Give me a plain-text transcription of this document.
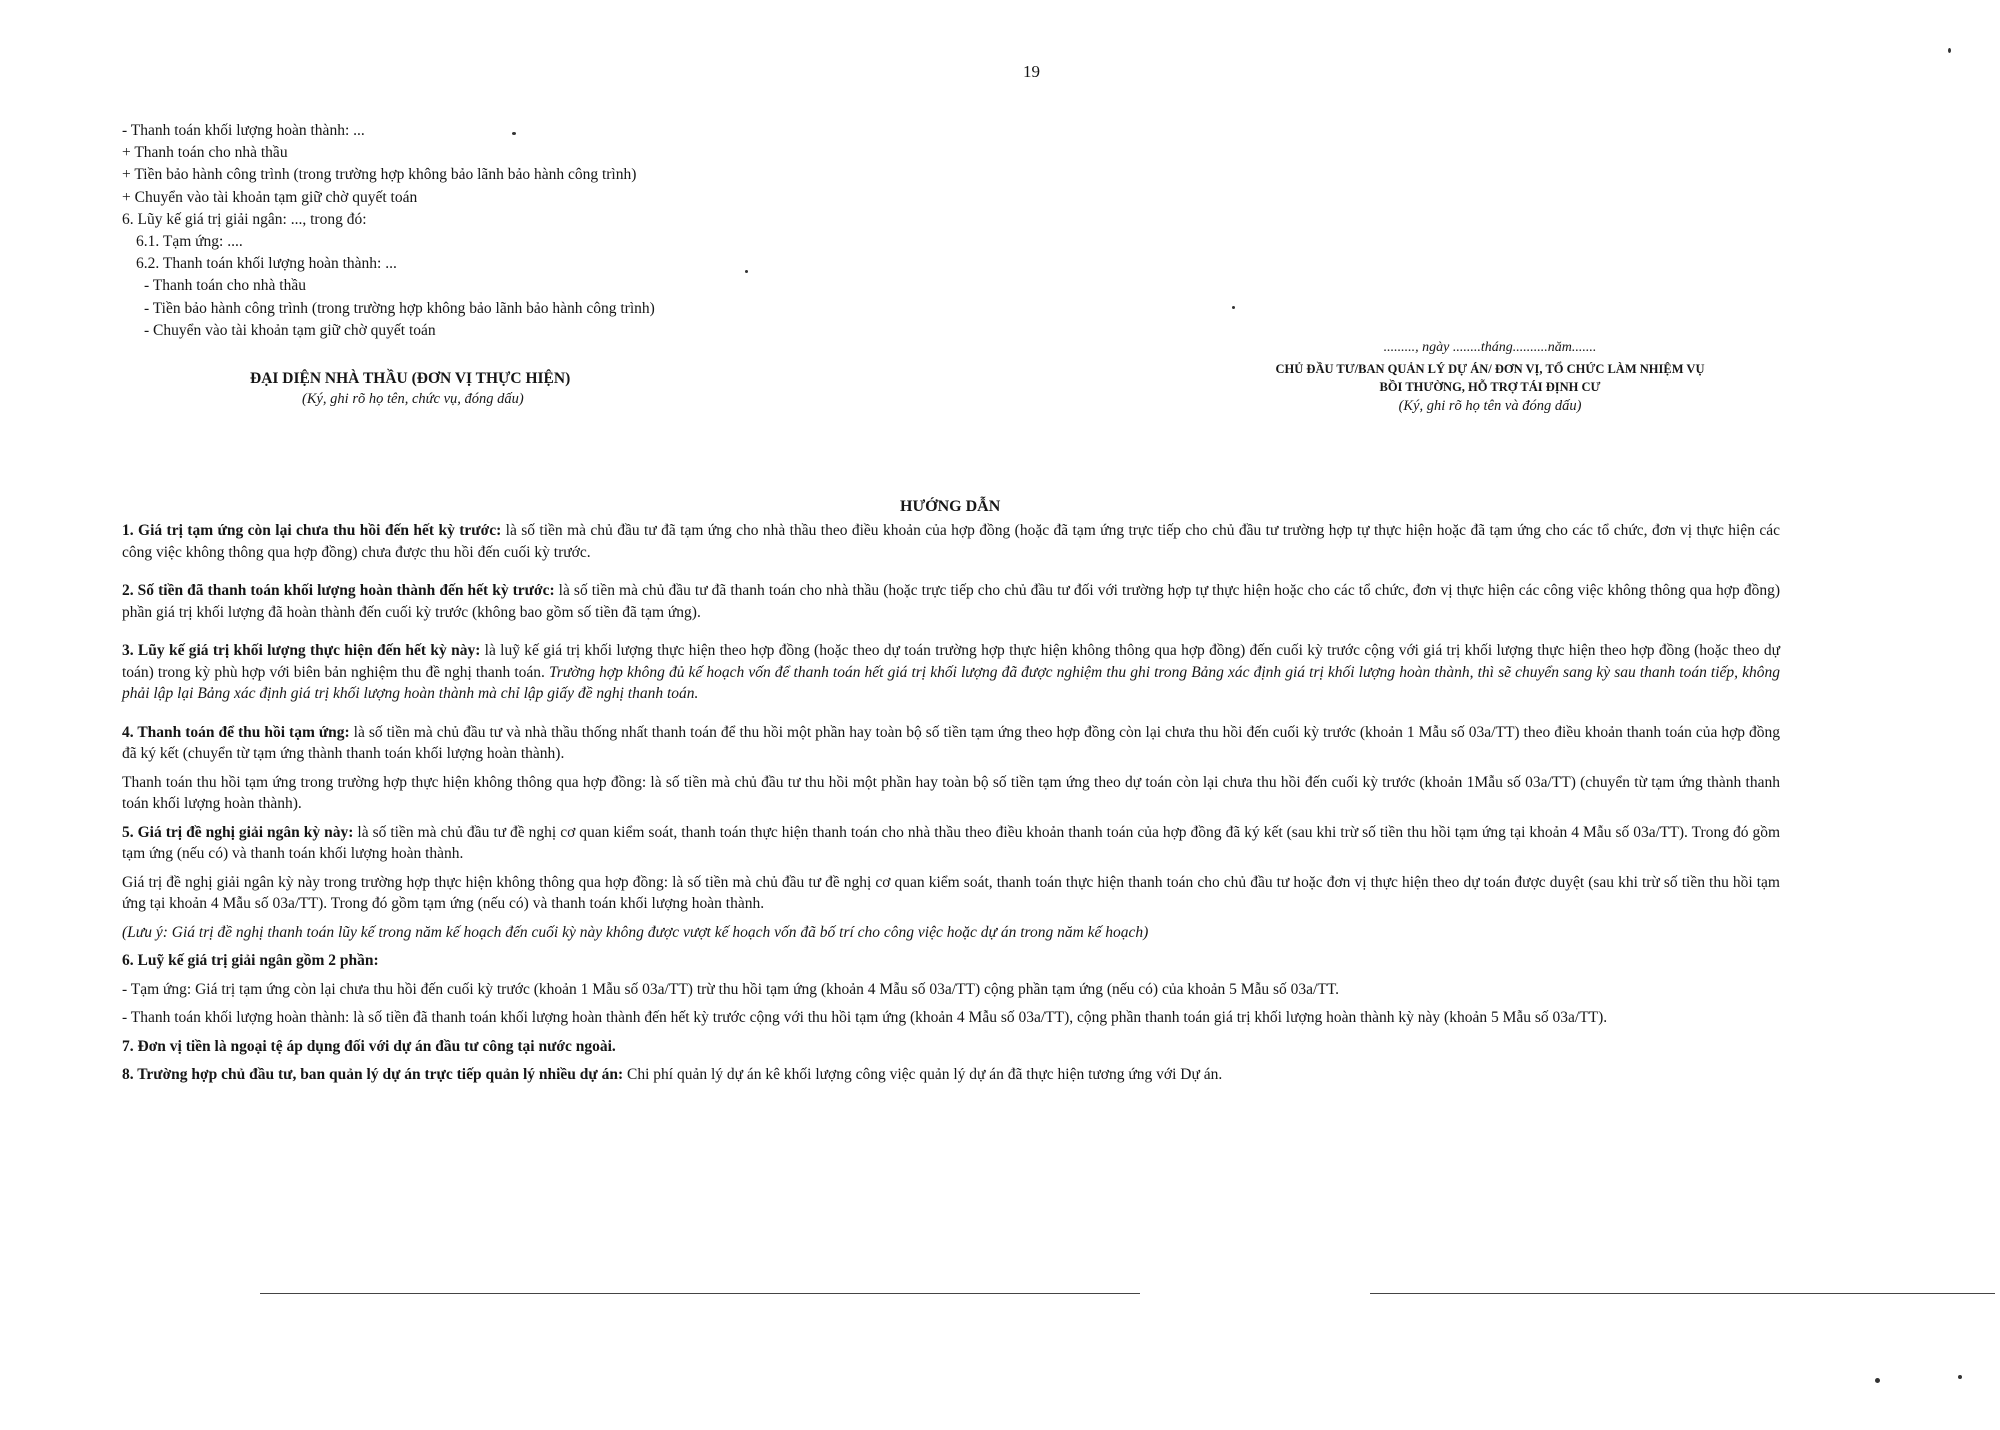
19
- Thanh toán khối lượng hoàn thành: ...
+ Thanh toán cho nhà thầu
+ Tiền bảo hành công trình (trong trường hợp không bảo lãnh bảo hành công trình)
+ Chuyển vào tài khoản tạm giữ chờ quyết toán
6. Lũy kế giá trị giải ngân: ..., trong đó:
6.1. Tạm ứng: ....
6.2. Thanh toán khối lượng hoàn thành: ...
- Thanh toán cho nhà thầu
- Tiền bảo hành công trình (trong trường hợp không bảo lãnh bảo hành công trình)
- Chuyển vào tài khoản tạm giữ chờ quyết toán
ĐẠI DIỆN NHÀ THẦU (ĐƠN VỊ THỰC HIỆN)
(Ký, ghi rõ họ tên, chức vụ, đóng dấu)
........., ngày ........tháng..........năm.......
CHỦ ĐẦU TƯ/BAN QUẢN LÝ DỰ ÁN/ ĐƠN VỊ, TỔ CHỨC LÀM NHIỆM VỤ
BỒI THƯỜNG, HỖ TRỢ TÁI ĐỊNH CƯ
(Ký, ghi rõ họ tên và đóng dấu)
HƯỚNG DẪN

1. Giá trị tạm ứng còn lại chưa thu hồi đến hết kỳ trước: là số tiền mà chủ đầu tư đã tạm ứng cho nhà thầu theo điều khoản của hợp đồng (hoặc đã tạm ứng trực tiếp cho chủ đầu tư trường hợp tự thực hiện hoặc đã tạm ứng cho các tổ chức, đơn vị thực hiện các công việc không thông qua hợp đồng) chưa được thu hồi đến cuối kỳ trước.

2. Số tiền đã thanh toán khối lượng hoàn thành đến hết kỳ trước: là số tiền mà chủ đầu tư đã thanh toán cho nhà thầu (hoặc trực tiếp cho chủ đầu tư đối với trường hợp tự thực hiện hoặc cho các tổ chức, đơn vị thực hiện các công việc không thông qua hợp đồng) phần giá trị khối lượng đã hoàn thành đến cuối kỳ trước (không bao gồm số tiền đã tạm ứng).

3. Lũy kế giá trị khối lượng thực hiện đến hết kỳ này: là luỹ kế giá trị khối lượng thực hiện theo hợp đồng (hoặc theo dự toán trường hợp thực hiện không thông qua hợp đồng) đến cuối kỳ trước cộng với giá trị khối lượng thực hiện theo hợp đồng (hoặc theo dự toán) trong kỳ phù hợp với biên bản nghiệm thu đề nghị thanh toán. Trường hợp không đủ kế hoạch vốn để thanh toán hết giá trị khối lượng đã được nghiệm thu ghi trong Bảng xác định giá trị khối lượng hoàn thành, thì sẽ chuyển sang kỳ sau thanh toán tiếp, không phải lập lại Bảng xác định giá trị khối lượng hoàn thành mà chỉ lập giấy đề nghị thanh toán.

4. Thanh toán để thu hồi tạm ứng: là số tiền mà chủ đầu tư và nhà thầu thống nhất thanh toán để thu hồi một phần hay toàn bộ số tiền tạm ứng theo hợp đồng còn lại chưa thu hồi đến cuối kỳ trước (khoản 1 Mẫu số 03a/TT) theo điều khoản thanh toán của hợp đồng đã ký kết (chuyển từ tạm ứng thành thanh toán khối lượng hoàn thành).

Thanh toán thu hồi tạm ứng trong trường hợp thực hiện không thông qua hợp đồng: là số tiền mà chủ đầu tư thu hồi một phần hay toàn bộ số tiền tạm ứng theo dự toán còn lại chưa thu hồi đến cuối kỳ trước (khoản 1Mẫu số 03a/TT) (chuyển từ tạm ứng thành thanh toán khối lượng hoàn thành).

5. Giá trị đề nghị giải ngân kỳ này: là số tiền mà chủ đầu tư đề nghị cơ quan kiểm soát, thanh toán thực hiện thanh toán cho nhà thầu theo điều khoản thanh toán của hợp đồng đã ký kết (sau khi trừ số tiền thu hồi tạm ứng tại khoản 4 Mẫu số 03a/TT). Trong đó gồm tạm ứng (nếu có) và thanh toán khối lượng hoàn thành.

Giá trị đề nghị giải ngân kỳ này trong trường hợp thực hiện không thông qua hợp đồng: là số tiền mà chủ đầu tư đề nghị cơ quan kiểm soát, thanh toán thực hiện thanh toán cho chủ đầu tư hoặc đơn vị thực hiện theo dự toán được duyệt (sau khi trừ số tiền thu hồi tạm ứng tại khoản 4 Mẫu số 03a/TT). Trong đó gồm tạm ứng (nếu có) và thanh toán khối lượng hoàn thành.

(Lưu ý: Giá trị đề nghị thanh toán lũy kế trong năm kế hoạch đến cuối kỳ này không được vượt kế hoạch vốn đã bố trí cho công việc hoặc dự án trong năm kế hoạch)

6. Luỹ kế giá trị giải ngân gồm 2 phần:

- Tạm ứng: Giá trị tạm ứng còn lại chưa thu hồi đến cuối kỳ trước (khoản 1 Mẫu số 03a/TT) trừ thu hồi tạm ứng (khoản 4 Mẫu số 03a/TT) cộng phần tạm ứng (nếu có) của khoản 5 Mẫu số 03a/TT.

- Thanh toán khối lượng hoàn thành: là số tiền đã thanh toán khối lượng hoàn thành đến hết kỳ trước cộng với thu hồi tạm ứng (khoản 4 Mẫu số 03a/TT), cộng phần thanh toán giá trị khối lượng hoàn thành kỳ này (khoản 5 Mẫu số 03a/TT).

7. Đơn vị tiền là ngoại tệ áp dụng đối với dự án đầu tư công tại nước ngoài.

8. Trường hợp chủ đầu tư, ban quản lý dự án trực tiếp quản lý nhiều dự án: Chi phí quản lý dự án kê khối lượng công việc quản lý dự án đã thực hiện tương ứng với Dự án.
